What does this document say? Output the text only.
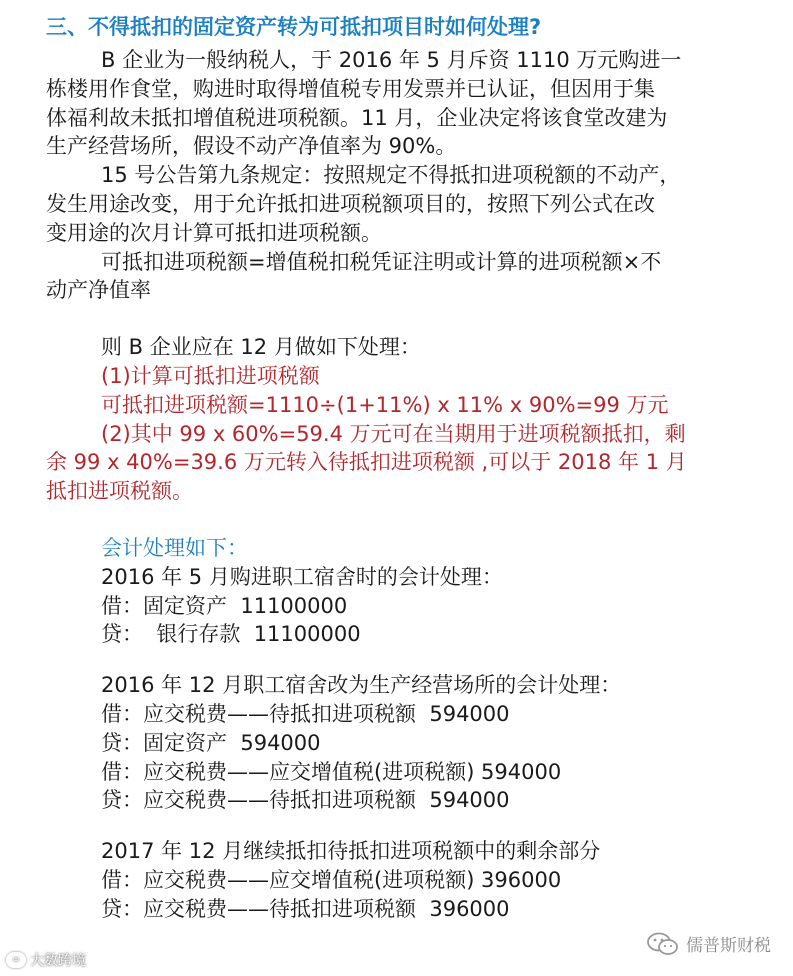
三、不得抵扣的固定资产转为可抵扣项目时如何处理?
B 企业为一般纳税人，于 2016 年 5 月斥资 1110 万元购进一
栋楼用作食堂，购进时取得增值税专用发票并已认证，但因用于集
体福利故未抵扣增值税进项税额。11 月，企业决定将该食堂改建为
生产经营场所，假设不动产净值率为 90%。
15 号公告第九条规定：按照规定不得抵扣进项税额的不动产，
发生用途改变，用于允许抵扣进项税额项目的，按照下列公式在改
变用途的次月计算可抵扣进项税额。
可抵扣进项税额=增值税扣税凭证注明或计算的进项税额×不
动产净值率
则 B 企业应在 12 月做如下处理：
(1)计算可抵扣进项税额
可抵扣进项税额=1110÷(1+11%) x 11% x 90%=99 万元
(2)其中 99 x 60%=59.4 万元可在当期用于进项税额抵扣，剩
余 99 x 40%=39.6 万元转入待抵扣进项税额 ,可以于 2018 年 1 月
抵扣进项税额。
会计处理如下：
2016 年 5 月购进职工宿舍时的会计处理：
借：固定资产  11100000
贷：  银行存款  11100000
2016 年 12 月职工宿舍改为生产经营场所的会计处理：
借：应交税费——待抵扣进项税额  594000
贷：固定资产  594000
借：应交税费——应交增值税(进项税额) 594000
贷：应交税费——待抵扣进项税额  594000
2017 年 12 月继续抵扣待抵扣进项税额中的剩余部分
借：应交税费——应交增值税(进项税额) 396000
贷：应交税费——待抵扣进项税额  396000
∞ 大数跨境
儒普斯财税
